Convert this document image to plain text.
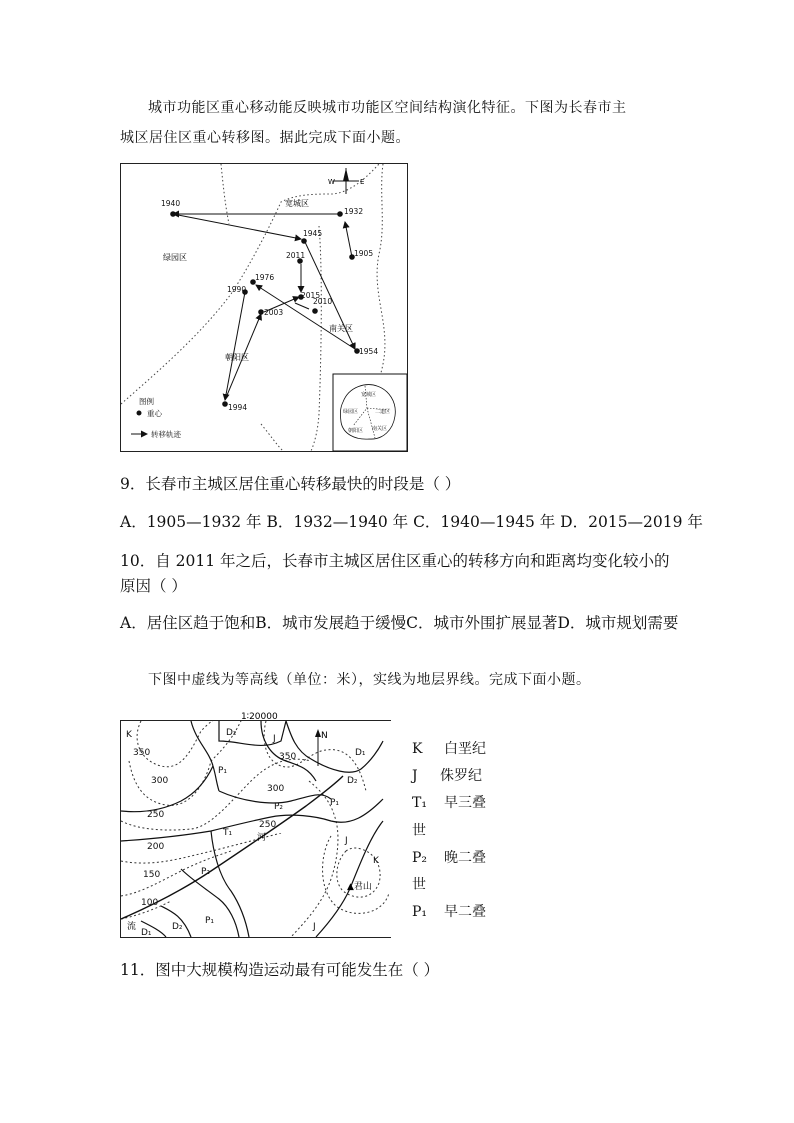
城市功能区重心移动能反映城市功能区空间结构演化特征。下图为长春市主
城区居住区重心转移图。据此完成下面小题。
W	E
宽城区
绿园区
南关区
朝阳区
1905
1932
1940
1945
1954
1976
1990
1994
2003
2010
2011
2015
图例
重心
转移轨迹
宽城区
绿园区	二道区
朝阳区 南关区
9．长春市主城区居住重心转移最快的时段是（ ）
A．1905—1932 年 B．1932—1940 年 C．1940—1945 年 D．2015—2019 年
10．自 2011 年之后，长春市主城区居住区重心的转移方向和距离均变化较小的
原因（ ）
A．居住区趋于饱和B．城市发展趋于缓慢C．城市外围扩展显著D．城市规划需要
下图中虚线为等高线（单位：米），实线为地层界线。完成下面小题。
N
1∶20000
350
300
250
200
150
100
350
300
250
K	D₂
J
P₁
D₁
D₂
P₂	P₁
T₁
J
K
P₂
P₁
D₂
D₁
J
河
流
▲君山
K 白垩纪
J 侏罗纪
T₁ 早三叠
世
P₂ 晚二叠
世
P₁ 早二叠
11．图中大规模构造运动最有可能发生在（ ）
